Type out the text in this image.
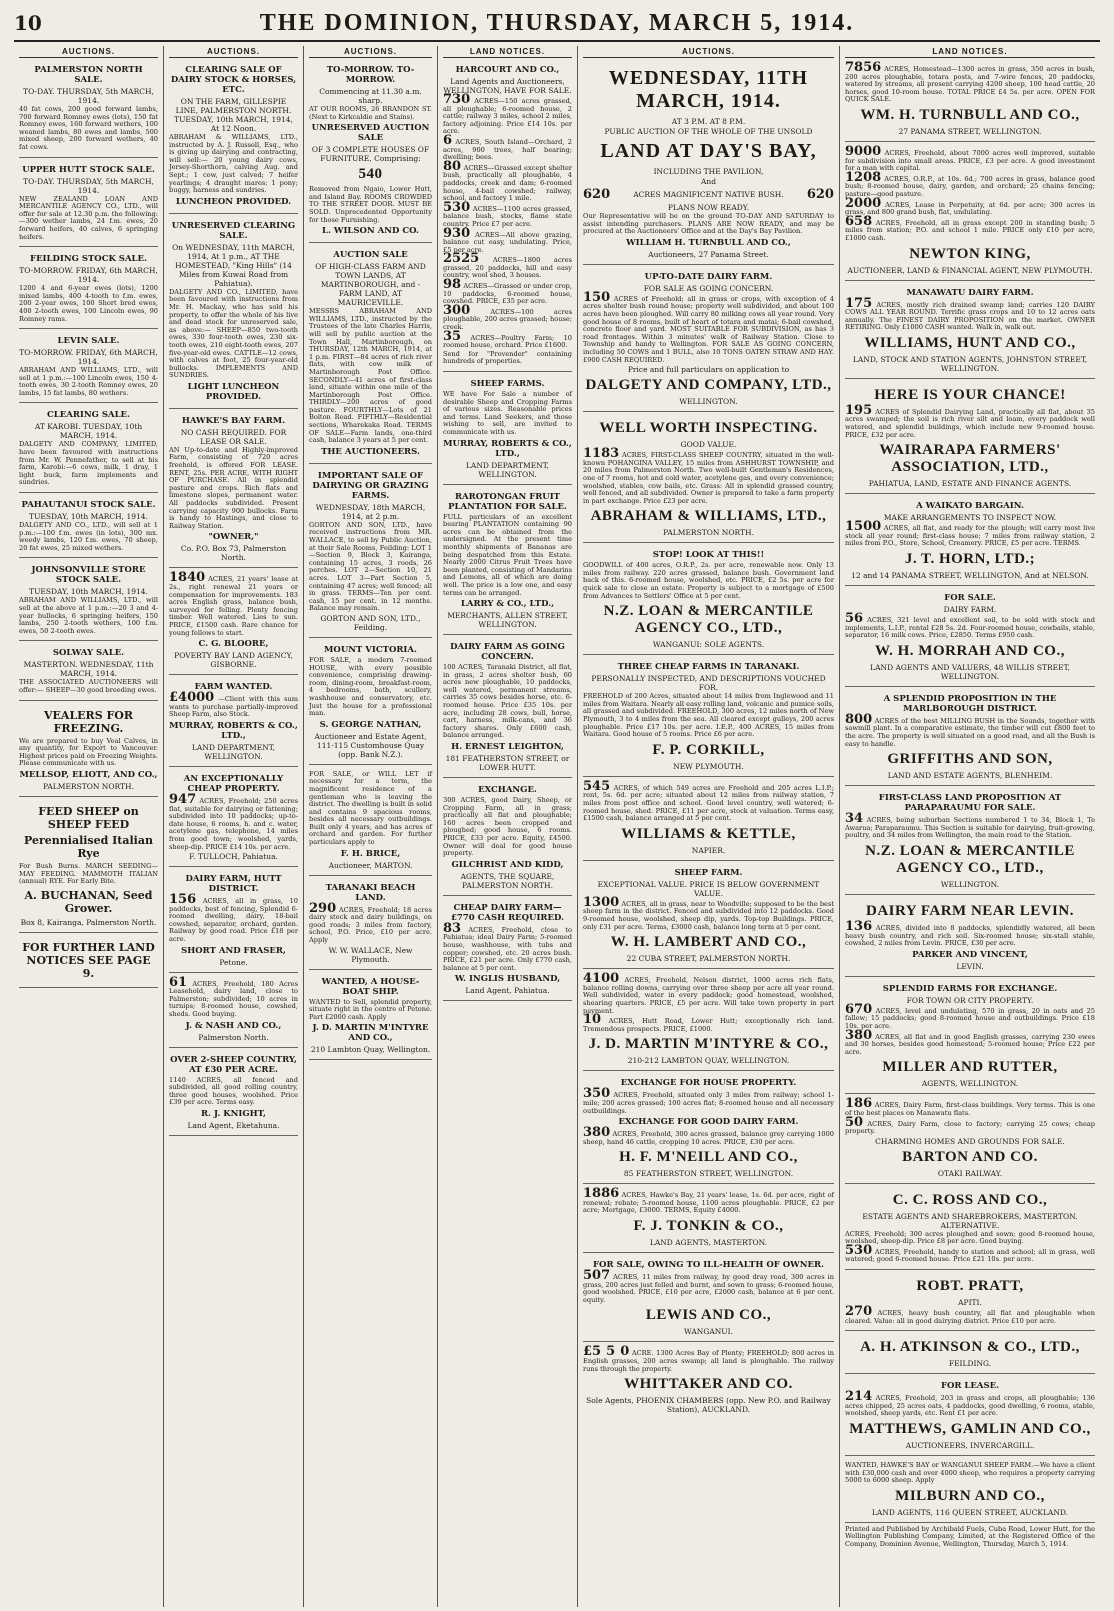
10	THE DOMINION, THURSDAY, MARCH 5, 1914.
AUCTIONS.
PALMERSTON NORTH SALE.
TO-DAY. THURSDAY, 5th MARCH, 1914.
40 fat cows, 200 good forward lambs, 700 forward Romney ewes (lots), 150 fat Romney ewes, 160 forward wethers, 100 weaned lambs, 80 ewes and lambs, 500 mixed sheep, 200 forward wethers, 40 fat cows.
UPPER HUTT STOCK SALE.
TO-DAY. THURSDAY, 5th MARCH, 1914.
NEW ZEALAND LOAN AND MERCANTILE AGENCY CO., LTD., will offer for sale at 12.30 p.m. the following:—300 wether lambs, 24 f.m. ewes, 20 forward heifers, 40 calves, 6 springing heifers.
FEILDING STOCK SALE.
TO-MORROW. FRIDAY, 6th MARCH, 1914.
1200 4 and 6-year ewes (lots), 1200 mixed lambs, 400 4-tooth to f.m. ewes, 200 2-year ewes, 100 Short bred ewes, 400 2-tooth ewes, 100 Lincoln ewes, 90 Romney rams.
LEVIN SALE.
TO-MORROW. FRIDAY, 6th MARCH, 1914.
ABRAHAM AND WILLIAMS, LTD., will sell at 1 p.m.:—100 Lincoln ewes, 150 4-tooth ewes, 30 2-tooth Romney ewes, 20 lambs, 15 fat lambs, 80 wethers.
CLEARING SALE.
AT KAROBI. TUESDAY, 10th MARCH, 1914.
DALGETY AND COMPANY, LIMITED, have been favoured with instructions from Mr. W. Pennefather, to sell at his farm, Karobi:—6 cows, milk, 1 dray, 1 light buck, farm implements and sundries.
PAHAUTANUI STOCK SALE.
TUESDAY, 10th MARCH, 1914.
DALGETY AND CO., LTD., will sell at 1 p.m.:—100 f.m. ewes (in lots), 300 mx. weedy lambs, 120 f.m. ewes, 70 sheep, 20 fat ewes, 25 mixed wethers.
JOHNSONVILLE STORE STOCK SALE.
TUESDAY, 10th MARCH, 1914.
ABRAHAM AND WILLIAMS, LTD., will sell at the above at 1 p.m.:—20 3 and 4-year bullocks, 6 springing heifers, 150 lambs, 250 2-tooth wethers, 100 f.m. ewes, 50 2-tooth ewes.
SOLWAY SALE.
MASTERTON. WEDNESDAY, 11th MARCH, 1914.
THE ASSOCIATED AUCTIONEERS will offer:— SHEEP—30 good breeding ewes.
VEALERS FOR FREEZING.
We are prepared to buy Veal Calves, in any quantity, for Export to Vancouver. Highest prices paid on Freezing Weights. Please communicate with us.
MELLSOP, ELIOTT, AND CO.,
PALMERSTON NORTH.
FEED SHEEP on SHEEP FEED
Perennialised Italian Rye
For Bush Burns. MARCH SEEDING—MAY FEEDING. MAMMOTH ITALIAN (annual) RYE. For Early Bite.
A. BUCHANAN, Seed Grower.
Box 8, Kairanga, Palmerston North.
FOR FURTHER LAND NOTICES SEE PAGE 9.
AUCTIONS.
CLEARING SALE OF DAIRY STOCK & HORSES, ETC.
ON THE FARM, GILLESPIE LINE, PALMERSTON NORTH. TUESDAY, 10th MARCH, 1914, At 12 Noon.
ABRAHAM & WILLIAMS, LTD., instructed by A. J. Russell, Esq., who is giving up dairying and contracting, will sell:— 20 young dairy cows, Jersey-Shorthorn, calving Aug. and Sept.; 1 cow, just calved; 7 heifer yearlings; 4 draught mares; 1 pony; buggy, harness and sundries.
LUNCHEON PROVIDED.
UNRESERVED CLEARING SALE.
On WEDNESDAY, 11th MARCH, 1914, At 1 p.m., AT THE HOMESTEAD, "King Hills" (14 Miles from Kuwai Road from Pahiatua).
DALGETY AND CO., LIMITED, have been favoured with instructions from Mr. H. Mackay, who has sold his property, to offer the whole of his live and dead stock for unreserved sale, as above:— SHEEP—850 two-tooth ewes, 330 four-tooth ewes, 230 six-tooth ewes, 210 eight-tooth ewes, 207 five-year-old ewes. CATTLE—12 cows, with calves at foot, 25 four-year-old bullocks. IMPLEMENTS AND SUNDRIES.
LIGHT LUNCHEON PROVIDED.
HAWKE'S BAY FARM.
NO CASH REQUIRED. FOR LEASE OR SALE.
AN Up-to-date and Highly-improved Farm, consisting of 720 acres freehold, is offered FOR LEASE. RENT, 25s. PER ACRE, WITH RIGHT OF PURCHASE. All in splendid pasture and crops. Rich flats and limestone slopes, permanent water. All paddocks subdivided. Present carrying capacity 900 bullocks. Farm is handy to Hastings, and close to Railway Station.
"OWNER,"
Co. P.O. Box 73, Palmerston North.
1840 ACRES, 21 years' lease at 2s., right renewal 21 years or compensation for improvements. 183 acres English grass, balance bush, surveyed for felling. Plenty fencing timber. Well watered. Lies to sun. PRICE, £1500 cash. Rare chance for young fellows to start.
C. G. BLOORE,
POVERTY BAY LAND AGENCY, GISBORNE.
FARM WANTED.
£4000 —Client with this sum wants to purchase partially-improved Sheep Farm, also Stock.
MURRAY, ROBERTS & CO., LTD.,
LAND DEPARTMENT, WELLINGTON.
AN EXCEPTIONALLY CHEAP PROPERTY.
947 ACRES, Freehold; 250 acres flat, suitable for dairying or fattening; subdivided into 10 paddocks; up-to-date house, 6 rooms, h. and c. water, acetylene gas, telephone, 14 miles from good town; woolshed, yards, sheep-dip. PRICE £14 10s. per acre.
F. TULLOCH, Pahiatua.
DAIRY FARM, HUTT DISTRICT.
156 ACRES, all in grass, 10 paddocks, best of fencing, Splendid 6-roomed dwelling, dairy, 18-bail cowshed, separator, orchard, garden. Railway by good road. Price £18 per acre.
SHORT AND FRASER,
Petone.
61 ACRES, Freehold, 180 Acres Leasehold, dairy land, close to Palmerston; subdivided; 10 acres in turnips; 8-roomed house, cowshed, sheds. Good buying.
J. & NASH AND CO.,
Palmerston North.
OVER 2-SHEEP COUNTRY, AT £30 PER ACRE.
1140 ACRES, all fenced and subdivided, all good rolling country, three good houses, woolshed. Price £39 per acre. Terms easy.
R. J. KNIGHT,
Land Agent, Eketahuna.
AUCTIONS.
TO-MORROW. TO-MORROW.
Commencing at 11.30 a.m. sharp.
AT OUR ROOMS, 26 BRANDON ST. (Next to Kirkcaldie and Stains).
UNRESERVED AUCTION SALE
OF 3 COMPLETE HOUSES OF FURNITURE, Comprising:
540
Removed from Ngaio, Lower Hutt, and Island Bay. ROOMS CROWDED TO THE STREET DOOR. MUST BE SOLD. Unprecedented Opportunity for those Furnishing.
L. WILSON AND CO.
AUCTION SALE
OF HIGH-CLASS FARM AND TOWN LANDS, AT MARTINBOROUGH, and - FARM LAND, AT MAURICEVILLE.
MESSRS ABRAHAM AND WILLIAMS, LTD., instructed by the Trustees of the late Charles Harris, will sell by public auction at the Town Hall, Martinborough, on THURSDAY, 12th MARCH, 1914, at 1 p.m. FIRST—84 acres of rich river flats, with cow milk of Martinborough Post Office. SECONDLY—41 acres of first-class land, situate within one mile of the Martinborough Post Office. THIRDLY—200 acres of good pasture. FOURTHLY—Lots of 21 Bolton Road. FIFTHLY—Residential sections, Wharekaka Road. TERMS OF SALE—Farm lands, one-third cash, balance 3 years at 5 per cent.
THE AUCTIONEERS.
IMPORTANT SALE OF DAIRYING OR GRAZING FARMS.
WEDNESDAY, 18th MARCH, 1914, at 2 p.m.
GORTON AND SON, LTD., have received instructions from MR. WALLACE, to sell by Public Auction, at their Sale Rooms, Feilding: LOT 1—Section 9, Block 3, Kairanga, containing 15 acres, 3 roods, 26 perches. LOT 2—Section 10, 21 acres. LOT 3—Part Section 5, containing 47 acres; well fenced; all in grass. TERMS—Ten per cent. cash, 15 per cent. in 12 months. Balance may remain.
GORTON AND SON, LTD., Feilding.
MOUNT VICTORIA.
FOR SALE, a modern 7-roomed HOUSE, with every possible convenience, comprising drawing-room, dining-room, breakfast-room, 4 bedrooms, bath, scullery, washhouse and conservatory, etc. Just the house for a professional man.
S. GEORGE NATHAN,
Auctioneer and Estate Agent, 111-115 Customhouse Quay (opp. Bank N.Z.).
FOR SALE, or WILL LET if necessary for a term, the magnificent residence of a gentleman who is leaving the district. The dwelling is built in solid and contains 9 spacious rooms, besides all necessary outbuildings. Built only 4 years, and has acres of orchard and garden. For further particulars apply to
F. H. BRICE,
Auctioneer, MARTON.
TARANAKI BEACH LAND.
290 ACRES, Freehold; 18 acres dairy stock and dairy buildings, on good roads; 3 miles from factory, school, P.O. Price, £10 per acre. Apply
W. W. WALLACE, New Plymouth.
WANTED, A HOUSE-BOAT SHIP.
WANTED to Sell, splendid property, situate right in the centre of Petone. Part £2000 cash. Apply
J. D. MARTIN M'INTYRE AND CO.,
210 Lambton Quay, Wellington.
LAND NOTICES.
HARCOURT AND CO.,
Land Agents and Auctioneers, WELLINGTON, HAVE FOR SALE.
730 ACRES—150 acres grassed, all ploughable; 6-roomed house, 2 cattle; railway 3 miles, school 2 miles, factory adjoining. Price £14 10s. per acre.
6 ACRES, South Island—Orchard, 2 acres, 900 trees, half bearing; dwelling; bees.
80 ACRES—Grassed except shelter bush, practically all ploughable, 4 paddocks, creek and dam; 6-roomed house, 4-bail cowshed; railway, school, and factory 1 mile.
530 ACRES—1100 acres grassed, balance bush, stocks, flame state country. Price £7 per acre.
930 ACRES—All above grazing, balance cut easy, undulating. Price, £5 per acre.
2525 ACRES—1800 acres grassed, 20 paddocks, hill and easy country, wool shed, 3 houses.
98 ACRES—Grassed or under crop, 10 paddocks, 6-roomed house, cowshed. PRICE, £35 per acre.
300	ACRES—100 acres ploughable, 200 acres grassed; house; creek.
35 ACRES—Poultry Farm; 10 roomed house, orchard. Price £1600.
Send for "Provender" containing hundreds of properties.
SHEEP FARMS.
WE have For Sale a number of desirable Sheep and Cropping Farms of various sizes. Reasonable prices and terms. Land Seekers, and those wishing to sell, are invited to communicate with us.
MURRAY, ROBERTS & CO., LTD.,
LAND DEPARTMENT, WELLINGTON.
RAROTONGAN FRUIT PLANTATION FOR SALE.
FULL particulars of an excellent bearing PLANTATION containing 90 acres can be obtained from the undersigned. At the present time monthly shipments of Bananas are being despatched from this Estate. Nearly 2000 Citrus Fruit Trees have been planted, consisting of Mandarins and Lemons, all of which are doing well. The price is a low one, and easy terms can be arranged.
LARRY & CO., LTD.,
MERCHANTS, ALLEN STREET, WELLINGTON.
DAIRY FARM AS GOING CONCERN.
100 ACRES, Taranaki District, all flat, in grass, 2 acres shelter bush, 60 acres new ploughable, 10 paddocks, well watered, permanent streams, carries 35 cows besides horse, etc. 6-roomed house. Price £35 10s. per acre, including 28 cows, bull, horse, cart, harness, milk-cans, and 36 factory shares. Only £600 cash, balance arranged.
H. ERNEST LEIGHTON,
181 FEATHERSTON STREET, or LOWER HUTT.
EXCHANGE.
300 ACRES, good Dairy, Sheep, or Cropping Farm, all in grass; practically all flat and ploughable; 160 acres been cropped and ploughed; good house, 6 rooms. PRICE, £33 per acre. Equity, £4500. Owner will deal for good house property.
GILCHRIST AND KIDD,
AGENTS, THE SQUARE, PALMERSTON NORTH.
CHEAP DAIRY FARM—£770 CASH REQUIRED.
83 ACRES, Freehold, close to Pahiatua; ideal Dairy Farm; 5-roomed house, washhouse, with tubs and copper; cowshed, etc. 20 acres bush. PRICE, £21 per acre. Only £770 cash, balance at 5 per cent.
W. INGLIS HUSBAND,
Land Agent, Pahiatua.
AUCTIONS.
WEDNESDAY, 11TH MARCH, 1914.
AT 3 P.M. AT 8 P.M.
PUBLIC AUCTION OF THE WHOLE OF THE UNSOLD
LAND AT DAY'S BAY,
INCLUDING THE PAVILION,
And
620	ACRES MAGNIFICENT NATIVE BUSH. 620
PLANS NOW READY.
Our Representative will be on the ground TO-DAY AND SATURDAY to assist intending purchasers. PLANS ARE NOW READY, and may be procured at the Auctioneers' Office and at the Day's Bay Pavilion.
WILLIAM H. TURNBULL AND CO.,
Auctioneers, 27 Panama Street.
UP-TO-DATE DAIRY FARM.
FOR SALE AS GOING CONCERN.
150 ACRES of Freehold; all in grass or crops, with exception of 4 acres shelter bush round house; property well subdivided, and about 100 acres have been ploughed. Will carry 80 milking cows all year round. Very good house of 8 rooms, built of heart of totara and matai; 6-bail cowshed, concrete floor and yard. MOST SUITABLE FOR SUBDIVISION, as has 3 road frontages. Within 3 minutes' walk of Railway Station. Close to Township and handy to Wellington. FOR SALE AS GOING CONCERN, including 50 COWS and 1 BULL, also 10 TONS OATEN STRAW AND HAY. £900 CASH REQUIRED.
Price and full particulars on application to
DALGETY AND COMPANY, LTD.,
WELLINGTON.
WELL WORTH INSPECTING.
GOOD VALUE.
1183 ACRES, FIRST-CLASS SHEEP COUNTRY, situated in the well-known POHANGINA VALLEY, 15 miles from ASHHURST TOWNSHIP, and 20 miles from Palmerston North. Two well-built Gentleman's Residences, one of 7 rooms, hot and cold water, acetylene gas, and every convenience; woolshed, stables, cow bails, etc. Grass: All in splendid grassed country, well fenced, and all subdivided. Owner is prepared to take a farm property in part exchange. Price £23 per acre.
ABRAHAM & WILLIAMS, LTD.,
PALMERSTON NORTH.
STOP! LOOK AT THIS!!
GOODWILL of 400 acres, O.R.P., 2s. per acre, renewable now. Only 13 miles from railway. 220 acres grassed, balance bush. Government land back of this. 6-roomed house, woolshed, etc. PRICE, £2 5s. per acre for quick sale to close an estate. Property is subject to a mortgage of £500 from Advances to Settlers' Office at 5 per cent.
N.Z. LOAN & MERCANTILE AGENCY CO., LTD.,
WANGANUI: SOLE AGENTS.
THREE CHEAP FARMS IN TARANAKI.
PERSONALLY INSPECTED, AND DESCRIPTIONS VOUCHED FOR.
FREEHOLD of 200 Acres, situated about 14 miles from Inglewood and 11 miles from Waitara. Nearly all easy rolling land, volcanic and pumice soils, all grassed and subdivided. FREEHOLD, 300 acres, 12 miles north of New Plymouth, 3 to 4 miles from the sea. All cleared except gulleys, 200 acres ploughable. Price £17 10s. per acre. I.E.P., 400 ACRES, 15 miles from Waitara. Good house of 5 rooms. Price £6 per acre.
F. P. CORKILL,
NEW PLYMOUTH.
545 ACRES, of which 549 acres are Freehold and 205 acres L.I.P.; rent, 5s. 6d. per acre; situated about 12 miles from railway station, 7 miles from post office and school. Good level country, well watered; 6-roomed house, shed. PRICE, £11 per acre, stock at valuation. Terms easy, £1500 cash, balance arranged at 5 per cent.
WILLIAMS & KETTLE,
NAPIER.
SHEEP FARM.
EXCEPTIONAL VALUE. PRICE IS BELOW GOVERNMENT VALUE.
1300 ACRES, all in grass, near to Woodville; supposed to be the best sheep farm in the district. Fenced and subdivided into 12 paddocks. Good 9-roomed house, woolshed, sheep dip, yards. Top-top Buildings. PRICE, only £31 per acre. Terms, £3000 cash, balance long term at 5 per cent.
W. H. LAMBERT AND CO.,
22 CUBA STREET, PALMERSTON NORTH.
4100 ACRES, Freehold, Nelson district, 1000 acres rich flats, balance rolling downs, carrying over three sheep per acre all year round. Well subdivided, water in every paddock; good homestead, woolshed, shearing quarters. PRICE, £5 per acre. Will take town property in part payment.
10 ACRES, Hutt Road, Lower Hutt; exceptionally rich land. Tremendous prospects. PRICE, £1000.
J. D. MARTIN M'INTYRE & CO.,
210-212 LAMBTON QUAY, WELLINGTON.
EXCHANGE FOR HOUSE PROPERTY.
350 ACRES, Freehold, situated only 3 miles from railway; school 1-mile; 200 acres grassed; 100 acres flat; 8-roomed house and all necessary outbuildings.
EXCHANGE FOR GOOD DAIRY FARM.
380 ACRES, Freehold, 300 acres grassed, balance grey carrying 1000 sheep, hand 46 cattle, cropping 10 acres. PRICE, £30 per acre.
H. F. M'NEILL AND CO.,
85 FEATHERSTON STREET, WELLINGTON.
1886 ACRES, Hawke's Bay, 21 years' lease, 1s. 6d. per acre, right of renewal; rebate; 5-roomed house, 1100 acres ploughable. PRICE, £2 per acre; Mortgage, £3000. TERMS, Equity £4000.
F. J. TONKIN & CO.,
LAND AGENTS, MASTERTON.
FOR SALE, OWING TO ILL-HEALTH OF OWNER.
507 ACRES, 11 miles from railway, by good dray road, 300 acres in grass, 200 acres just felled and burnt, and sown to grass; 6-roomed house, good woolshed. PRICE, £10 per acre, £2000 cash, balance at 6 per cent. equity.
LEWIS AND CO.,
WANGANUI.
£5 5 0 ACRE. 1300 Acres Bay of Plenty; FREEHOLD; 800 acres in English grasses, 200 acres swamp; all land is ploughable. The railway runs through the property.
WHITTAKER AND CO.
Sole Agents, PHOENIX CHAMBERS (opp. New P.O. and Railway Station), AUCKLAND.
LAND NOTICES.
7856 ACRES, Homestead—1300 acres in grass, 350 acres in bush, 200 acres ploughable, totara posts, and 7-wire fences, 20 paddocks, watered by streams, all present carrying 4200 sheep, 100 head cattle, 20 horses, good 10-room house. TOTAL PRICE £4 5s. per acre. OPEN FOR QUICK SALE.
WM. H. TURNBULL AND CO.,
27 PANAMA STREET, WELLINGTON.
9000 ACRES, Freehold, about 7000 acres well improved, suitable for subdivision into small areas. PRICE, £3 per acre. A good investment for a man with capital.
1208 ACRES, O.R.P., at 10s. 6d.; 700 acres in grass, balance good bush; 8-roomed house, dairy, garden, and orchard; 25 chains fencing; pasture—good pasture.
2000 ACRES, Lease in Perpetuity, at 6d. per acre; 300 acres in grass, and 800 grand bush, flat, undulating.
658 ACRES, Freehold, all in grass except 200 in standing bush; 5 miles from station; P.O. and school 1 mile. PRICE only £10 per acre, £1000 cash.
NEWTON KING,
AUCTIONEER, LAND & FINANCIAL AGENT, NEW PLYMOUTH.
MANAWATU DAIRY FARM.
175 ACRES, mostly rich drained swamp land; carries 120 DAIRY COWS ALL YEAR ROUND. Terrific grass crops and 10 to 12 acres oats annually. The FINEST DAIRY PROPOSITION on the market. OWNER RETIRING. Only £1000 CASH wanted. Walk in, walk out.
WILLIAMS, HUNT AND CO.,
LAND, STOCK AND STATION AGENTS, JOHNSTON STREET, WELLINGTON.
HERE IS YOUR CHANCE!
195 ACRES of Splendid Dairying Land, practically all flat, about 35 acres swamped; the soil is rich river silt and loam, every paddock well watered, and splendid buildings, which include new 9-roomed house. PRICE, £32 per acre.
WAIRARAPA FARMERS' ASSOCIATION, LTD.,
PAHIATUA, LAND, ESTATE AND FINANCE AGENTS.
A WAIKATO BARGAIN.
MAKE ARRANGEMENTS TO INSPECT NOW.
1500 ACRES, all flat, and ready for the plough; will carry most live stock all year round; first-class house; 7 miles from railway station, 2 miles from P.O., Store, School, Creamery. PRICE, £5 per acre. TERMS.
J. T. HORN, LTD.;
12 and 14 PANAMA STREET, WELLINGTON, And at NELSON.
FOR SALE.
DAIRY FARM.
56 ACRES, 321 level and excellent soil, to be sold with stock and implements, L.I.P., rental £28 5s. 2d. Four-roomed house, cowbails, stable, separator, 16 milk cows. Price, £2850. Terms £950 cash.
W. H. MORRAH AND CO.,
LAND AGENTS AND VALUERS, 48 WILLIS STREET, WELLINGTON.
A SPLENDID PROPOSITION IN THE MARLBOROUGH DISTRICT.
800 ACRES of the best MILLING BUSH in the Sounds, together with sawmill plant. In a comparative estimate, the timber will cut £800 feet to the acre. The property is well situated on a good road, and all the Bush is easy to handle.
GRIFFITHS AND SON,
LAND AND ESTATE AGENTS, BLENHEIM.
FIRST-CLASS LAND PROPOSITION AT PARAPARAUMU FOR SALE.
34 ACRES, being suburban Sections numbered 1 to 34, Block 1, Te Awarua; Paraparaumu. This Section is suitable for dairying, fruit-growing, poultry, and 34 miles from Wellington, the main road to the Station.
N.Z. LOAN & MERCANTILE AGENCY CO., LTD.,
WELLINGTON.
DAIRY FARM NEAR LEVIN.
136 ACRES, divided into 8 paddocks, splendidly watered, all been heavy bush country, and rich soil. Six-roomed house; six-stall stable, cowshed, 2 miles from Levin. PRICE, £30 per acre.
PARKER AND VINCENT,
LEVIN.
SPLENDID FARMS FOR EXCHANGE.
FOR TOWN OR CITY PROPERTY.
670 ACRES, level and undulating, 570 in grass, 20 in oats and 25 fallow; 15 paddocks; good 8-roomed house and outbuildings. Price £18 10s. per acre.
380 ACRES, all flat and in good English grasses, carrying 230 ewes and 30 horses, besides good homestead; 5-roomed house; Price £22 per acre.
MILLER AND RUTTER,
AGENTS, WELLINGTON.
186 ACRES, Dairy Farm, first-class buildings. Very terms. This is one of the best places on Manawatu flats.
50 ACRES, Dairy Farm, close to factory; carrying 25 cows; cheap property.
CHARMING HOMES AND GROUNDS FOR SALE.
BARTON AND CO.
OTAKI RAILWAY.
C. C. ROSS AND CO.,
ESTATE AGENTS AND SHAREBROKERS, MASTERTON. ALTERNATIVE.
ACRES, Freehold; 300 acres ploughed and sown; good 8-roomed house, woolshed, sheep-dip. Price £8 per acre. Good buying.
530 ACRES, Freehold, handy to station and school; all in grass, well watered; good 6-roomed house. Price £21 10s. per acre.
ROBT. PRATT,
APITI.
270 ACRES, heavy bush country, all flat and ploughable when cleared. Value: all in good dairying district. Price £10 per acre.
A. H. ATKINSON & CO., LTD.,
FEILDING.
FOR LEASE.
214 ACRES, Freehold, 203 in grass and crops, all ploughable; 136 acres chipped, 25 acres oats, 4 paddocks, good dwelling, 6 rooms, stable, woolshed, sheep yards, etc. Rent £1 per acre.
MATTHEWS, GAMLIN AND CO.,
AUCTIONEERS, INVERCARGILL.
WANTED, HAWKE'S BAY or WANGANUI SHEEP FARM.—We have a client with £30,000 cash and over 4000 sheep, who requires a property carrying 5000 to 6000 sheep. Apply
MILBURN AND CO.,
LAND AGENTS, 116 QUEEN STREET, AUCKLAND.
Printed and Published by Archibald Fuels, Cuba Road, Lower Hutt, for the Wellington Publishing Company, Limited, at the Registered Office of the Company, Dominion Avenue, Wellington, Thursday, March 5, 1914.
